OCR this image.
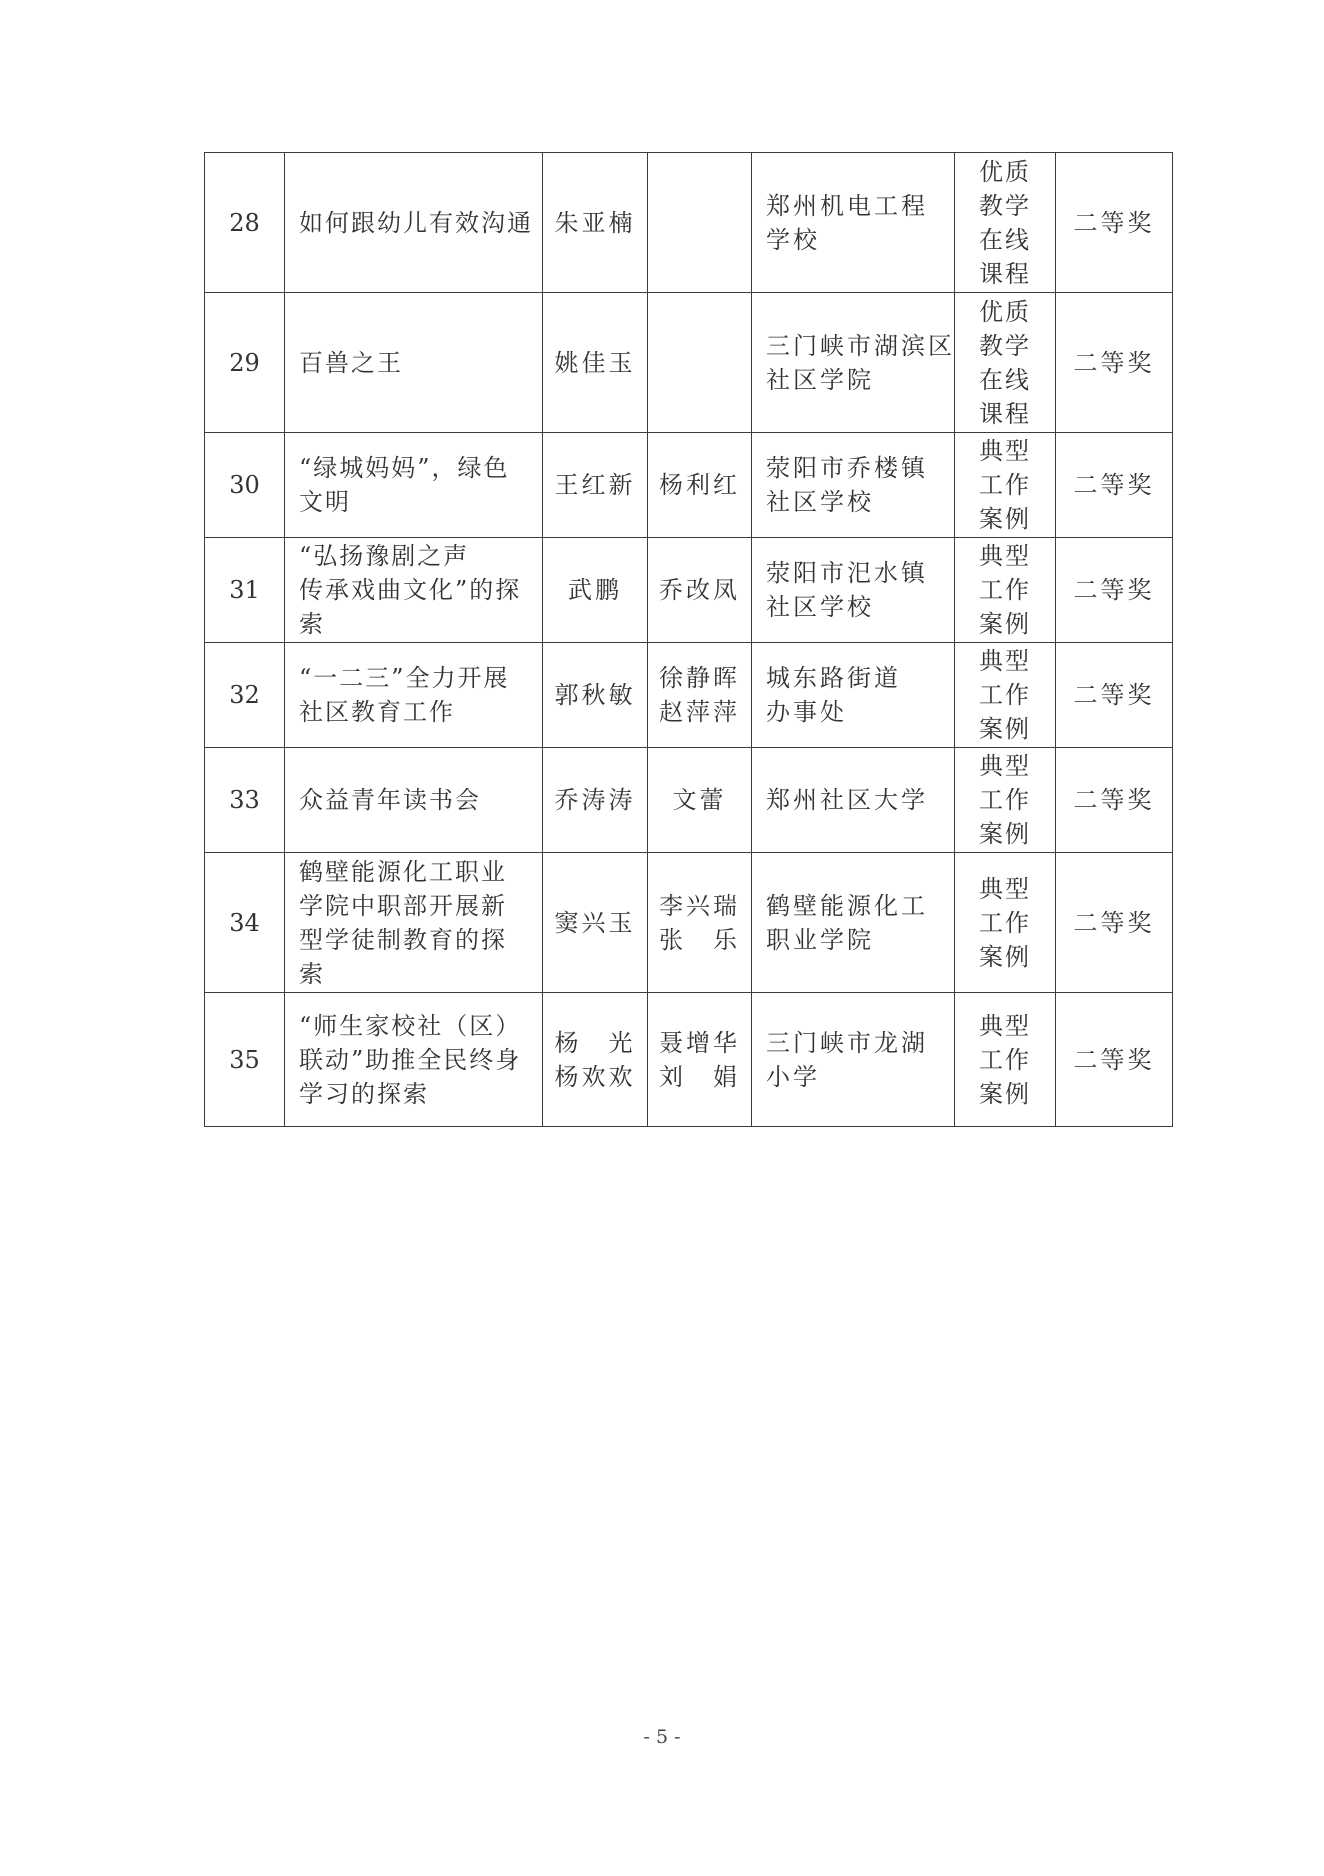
28	如何跟幼儿有效沟通	朱亚楠		郑州机电工程
学校	优质
教学
在线
课程	二等奖

29	百兽之王	姚佳玉		三门峡市湖滨区
社区学院	优质
教学
在线
课程	二等奖

30	“绿城妈妈”，绿色
文明	王红新	杨利红	荥阳市乔楼镇
社区学校	典型
工作
案例	二等奖

31	“弘扬豫剧之声
传承戏曲文化”的探
索	武鹏	乔改凤	荥阳市汜水镇
社区学校	典型
工作
案例	二等奖

32	“一二三”全力开展
社区教育工作	郭秋敏	徐静晖
赵萍萍	城东路街道
办事处	典型
工作
案例	二等奖

33	众益青年读书会	乔涛涛	文蕾	郑州社区大学	典型
工作
案例	二等奖

34	鹤壁能源化工职业
学院中职部开展新
型学徒制教育的探
索	窦兴玉	李兴瑞
张　乐	鹤壁能源化工
职业学院	典型
工作
案例	二等奖

35	“师生家校社（区）
联动”助推全民终身
学习的探索	杨　光
杨欢欢	聂增华
刘　娟	三门峡市龙湖
小学	典型
工作
案例	二等奖
- 5 -
